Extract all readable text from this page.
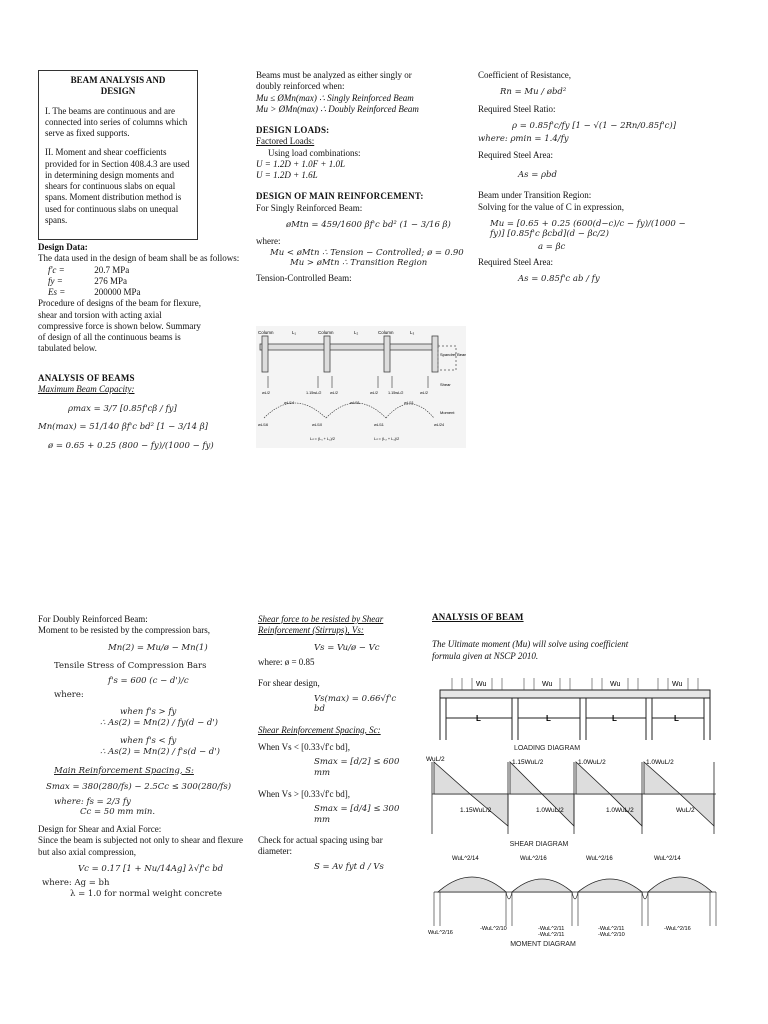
BEAM ANALYSIS AND DESIGN

I. The beams are continuous and are connected into series of columns which serve as fixed supports.

II. Moment and shear coefficients provided for in Section 408.4.3 are used in determining design moments and shears for continuous slabs on equal spans. Moment distribution method is used for continuous slabs on unequal spans.

Design Data:
The data used in the design of beam shall be as follows:
f'c =	20.7 MPa
fy =	276 MPa
Es =	200000 MPa

Procedure of designs of the beam for flexure, shear and torsion with acting axial compressive force is shown below. Summary of design of all the continuous beams is tabulated below.

ANALYSIS OF BEAMS
Maximum Beam Capacity:
ρmax = 3/7 [0.85f'cβ / fy]
Mn(max) = 51/140 βf'c bd² [1 − 3/14 β]
ø = 0.65 + 0.25 (800 − fy)/(1000 − fy)

Beams must be analyzed as either singly or doubly reinforced when:

Mu ≤ ØMn(max) ∴ Singly Reinforced Beam
Mu > ØMn(max) ∴ Doubly Reinforced Beam
DESIGN LOADS:
Factored Loads:
Using load combinations:
U = 1.2D + 1.0F + 1.0L
U = 1.2D + 1.6L
DESIGN OF MAIN REINFORCEMENT:
For Singly Reinforced Beam:
øMtn = 459/1600 βf'c bd² (1 − 3/16 β)
where:
Mu < øMtn ∴ Tension − Controlled; ø = 0.90
Mu > øMtn ∴ Transition Region
Tension-Controlled Beam:
Column	L₁	Column	L₂	Column	L₃
Spandrel Beam
Shear
Moment
wL/2	1.15wL/2 wL/2	wL/2	1.15wL/2	wL/2
wL/14
wL/16	wL/10
wL/11
wL/11
wL/11
wL/24
Lₙ = (L₁ + L₂)/2	Lₙ = (L₂ + L₃)/2
Coefficient of Resistance,
Rn = Mu / øbd²
Required Steel Ratio:
ρ = 0.85f'c/fy [1 − √(1 − 2Rn/0.85f'c)]
where: ρmin = 1.4/fy
Required Steel Area:
As = ρbd
Beam under Transition Region:
Solving for the value of C in expression,
Mu = [0.65 + 0.25 (600(d−c)/c − fy)/(1000 − fy)] [0.85f'c βcbd](d − βc/2)
a = βc
Required Steel Area:
As = 0.85f'c ab / fy
For Doubly Reinforced Beam:
Moment to be resisted by the compression bars,
Mn(2) = Mu/ø − Mn(1)
Tensile Stress of Compression Bars
f's = 600 (c − d')/c
where:
when f's > fy
∴ As(2) = Mn(2) / fy(d − d')
when f's < fy
∴ As(2) = Mn(2) / f's(d − d')
Main Reinforcement Spacing, S:
Smax = 380(280/fs) − 2.5Cc ≤ 300(280/fs)
where: fs = 2/3 fy
Cc = 50 mm min.
Design for Shear and Axial Force:

Since the beam is subjected not only to shear and flexure but also axial compression,

Vc = 0.17 [1 + Nu/14Ag] λ√f'c bd
where: Ag = bh
λ = 1.0 for normal weight concrete
Shear force to be resisted by Shear Reinforcement (Stirrups), Vs:
Vs = Vu/ø − Vc
where: ø = 0.85
For shear design,
Vs(max) = 0.66√f'c bd
Shear Reinforcement Spacing, Sc:
When Vs < [0.33√f'c bd],
Smax = [d/2] ≤ 600 mm
When Vs > [0.33√f'c bd],
Smax = [d/4] ≤ 300 mm
Check for actual spacing using bar diameter:
S = Av fyt d / Vs
ANALYSIS OF BEAM

The Ultimate moment (Mu) will solve using coefficient formula given at NSCP 2010.

Wu	Wu	Wu	Wu
L	L	L	L
LOADING DIAGRAM
WuL/2	1.15WuL/2	1.0WuL/2	1.0WuL/2
1.15WuL/2	1.0WuL/2	1.0WuL/2	WuL/2
SHEAR DIAGRAM
WuL^2/14	WuL^2/16	WuL^2/16	WuL^2/14
WuL^2/16
-WuL^2/10	-WuL^2/11	-WuL^2/11
-WuL^2/11	-WuL^2/10
-WuL^2/16
MOMENT DIAGRAM
